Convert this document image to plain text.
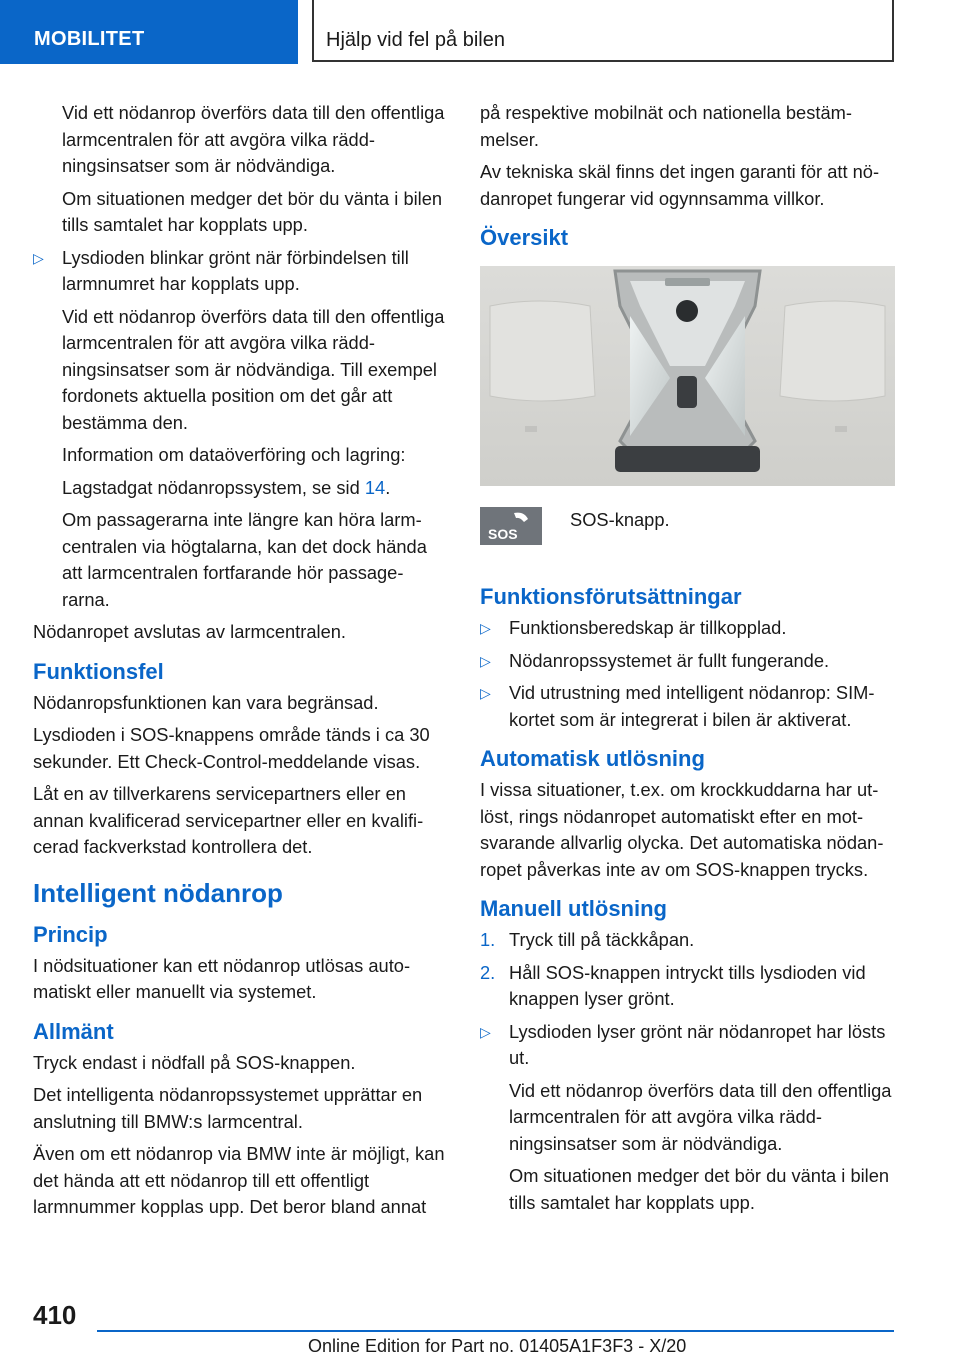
MOBILITET	Hjälp vid fel på bilen

Vid ett nödanrop överförs data till den offentliga larmcentralen för att avgöra vilka räddningsinsatser som är nödvändiga.

Om situationen medger det bör du vänta i bilen tills samtalet har kopplats upp.

▷ Lysdioden blinkar grönt när förbindelsen till larmnumret har kopplats upp.

Vid ett nödanrop överförs data till den offentliga larmcentralen för att avgöra vilka räddningsinsatser som är nödvändiga. Till exempel fordonets aktuella position om det går att bestämma den.

Information om dataöverföring och lagring:

Lagstadgat nödanropssystem, se sid 14.

Om passagerarna inte längre kan höra larmcentralen via högtalarna, kan det dock hända att larmcentralen fortfarande hör passagerarna.

Nödanropet avslutas av larmcentralen.

Funktionsfel

Nödanropsfunktionen kan vara begränsad.

Lysdioden i SOS-knappens område tänds i ca 30 sekunder. Ett Check-Control-meddelande visas.

Låt en av tillverkarens servicepartners eller en annan kvalificerad servicepartner eller en kvalificerad fackverkstad kontrollera det.

Intelligent nödanrop
Princip

I nödsituationer kan ett nödanrop utlösas automatiskt eller manuellt via systemet.

Allmänt

Tryck endast i nödfall på SOS-knappen.

Det intelligenta nödanropssystemet upprättar en anslutning till BMW:s larmcentral.

Även om ett nödanrop via BMW inte är möjligt, kan det hända att ett nödanrop till ett offentligt larmnummer kopplas upp. Det beror bland annat

på respektive mobilnät och nationella bestämmelser.

Av tekniska skäl finns det ingen garanti för att nödanropet fungerar vid ogynnsamma villkor.

Översikt
SOS
SOS-knapp.
Funktionsförutsättningar
▷ Funktionsberedskap är tillkopplad.
▷ Nödanropssystemet är fullt fungerande.
▷ Vid utrustning med intelligent nödanrop: SIM-kortet som är integrerat i bilen är aktiverat.
Automatisk utlösning

I vissa situationer, t.ex. om krockkuddarna har utlöst, rings nödanropet automatiskt efter en motsvarande allvarlig olycka. Det automatiska nödanropet påverkas inte av om SOS-knappen trycks.

Manuell utlösning
1. Tryck till på täckkåpan.
2. Håll SOS-knappen intryckt tills lysdioden vid knappen lyser grönt.
▷ Lysdioden lyser grönt när nödanropet har lösts ut.

Vid ett nödanrop överförs data till den offentliga larmcentralen för att avgöra vilka räddningsinsatser som är nödvändiga.

Om situationen medger det bör du vänta i bilen tills samtalet har kopplats upp.

410
Online Edition for Part no. 01405A1F3F3 - X/20
